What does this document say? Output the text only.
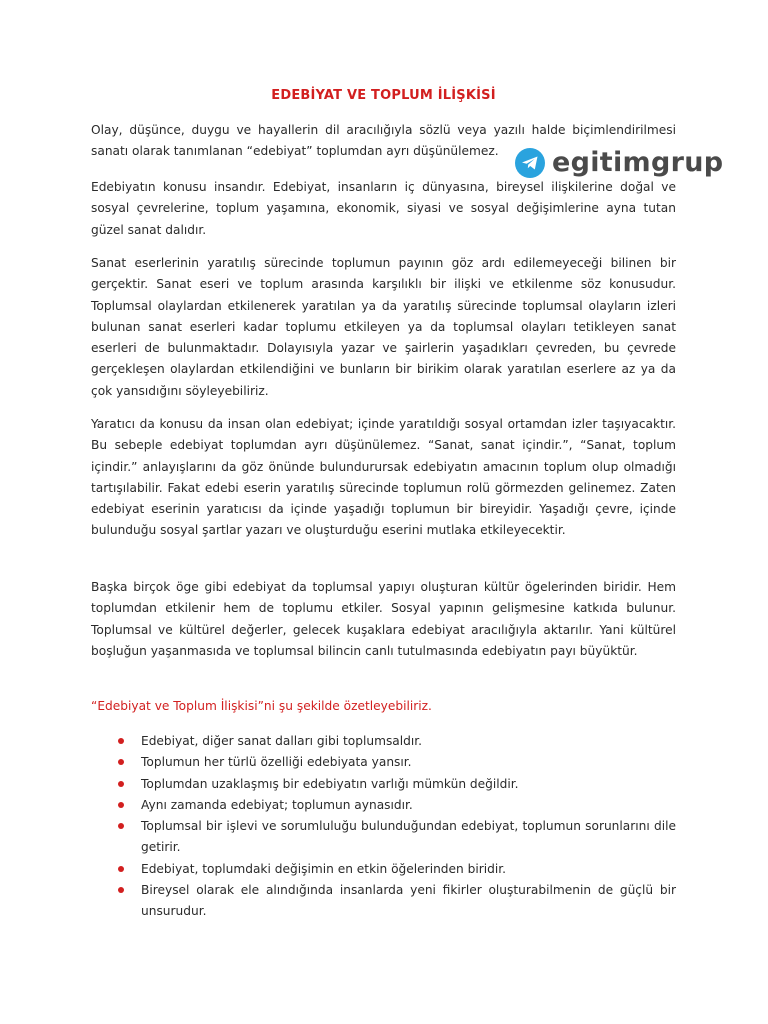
EDEBİYAT VE TOPLUM İLİŞKİSİ

Olay, düşünce, duygu ve hayallerin dil aracılığıyla sözlü veya yazılı halde biçimlendirilmesi sanatı olarak tanımlanan “edebiyat” toplumdan ayrı düşünülemez.

Edebiyatın konusu insandır. Edebiyat, insanların iç dünyasına, bireysel ilişkilerine doğal ve sosyal çevrelerine, toplum yaşamına, ekonomik, siyasi ve sosyal değişimlerine ayna tutan güzel sanat dalıdır.

Sanat eserlerinin yaratılış sürecinde toplumun payının göz ardı edilemeyeceği bilinen bir gerçektir. Sanat eseri ve toplum arasında karşılıklı bir ilişki ve etkilenme söz konusudur. Toplumsal olaylardan etkilenerek yaratılan ya da yaratılış sürecinde toplumsal olayların izleri bulunan sanat eserleri kadar toplumu etkileyen ya da toplumsal olayları tetikleyen sanat eserleri de bulunmaktadır. Dolayısıyla yazar ve şairlerin yaşadıkları çevreden, bu çevrede gerçekleşen olaylardan etkilendiğini ve bunların bir birikim olarak yaratılan eserlere az ya da çok yansıdığını söyleyebiliriz.

Yaratıcı da konusu da insan olan edebiyat; içinde yaratıldığı sosyal ortamdan izler taşıyacaktır. Bu sebeple edebiyat toplumdan ayrı düşünülemez. “Sanat, sanat içindir.”, “Sanat, toplum içindir.” anlayışlarını da göz önünde bulundurursak edebiyatın amacının toplum olup olmadığı tartışılabilir. Fakat edebi eserin yaratılış sürecinde toplumun rolü görmezden gelinemez. Zaten edebiyat eserinin yaratıcısı da içinde yaşadığı toplumun bir bireyidir. Yaşadığı çevre, içinde bulunduğu sosyal şartlar yazarı ve oluşturduğu eserini mutlaka etkileyecektir.

Başka birçok öge gibi edebiyat da toplumsal yapıyı oluşturan kültür ögelerinden biridir. Hem toplumdan etkilenir hem de toplumu etkiler. Sosyal yapının gelişmesine katkıda bulunur. Toplumsal ve kültürel değerler, gelecek kuşaklara edebiyat aracılığıyla aktarılır. Yani kültürel boşluğun yaşanmasıda ve toplumsal bilincin canlı tutulmasında edebiyatın payı büyüktür.

“Edebiyat ve Toplum İlişkisi”ni şu şekilde özetleyebiliriz.

Edebiyat, diğer sanat dalları gibi toplumsaldır.
Toplumun her türlü özelliği edebiyata yansır.
Toplumdan uzaklaşmış bir edebiyatın varlığı mümkün değildir.
Aynı zamanda edebiyat; toplumun aynasıdır.
Toplumsal bir işlevi ve sorumluluğu bulunduğundan edebiyat, toplumun sorunlarını dile getirir.
Edebiyat, toplumdaki değişimin en etkin öğelerinden biridir.
Bireysel olarak ele alındığında insanlarda yeni fikirler oluşturabilmenin de güçlü bir unsurudur.
egitimgrup
